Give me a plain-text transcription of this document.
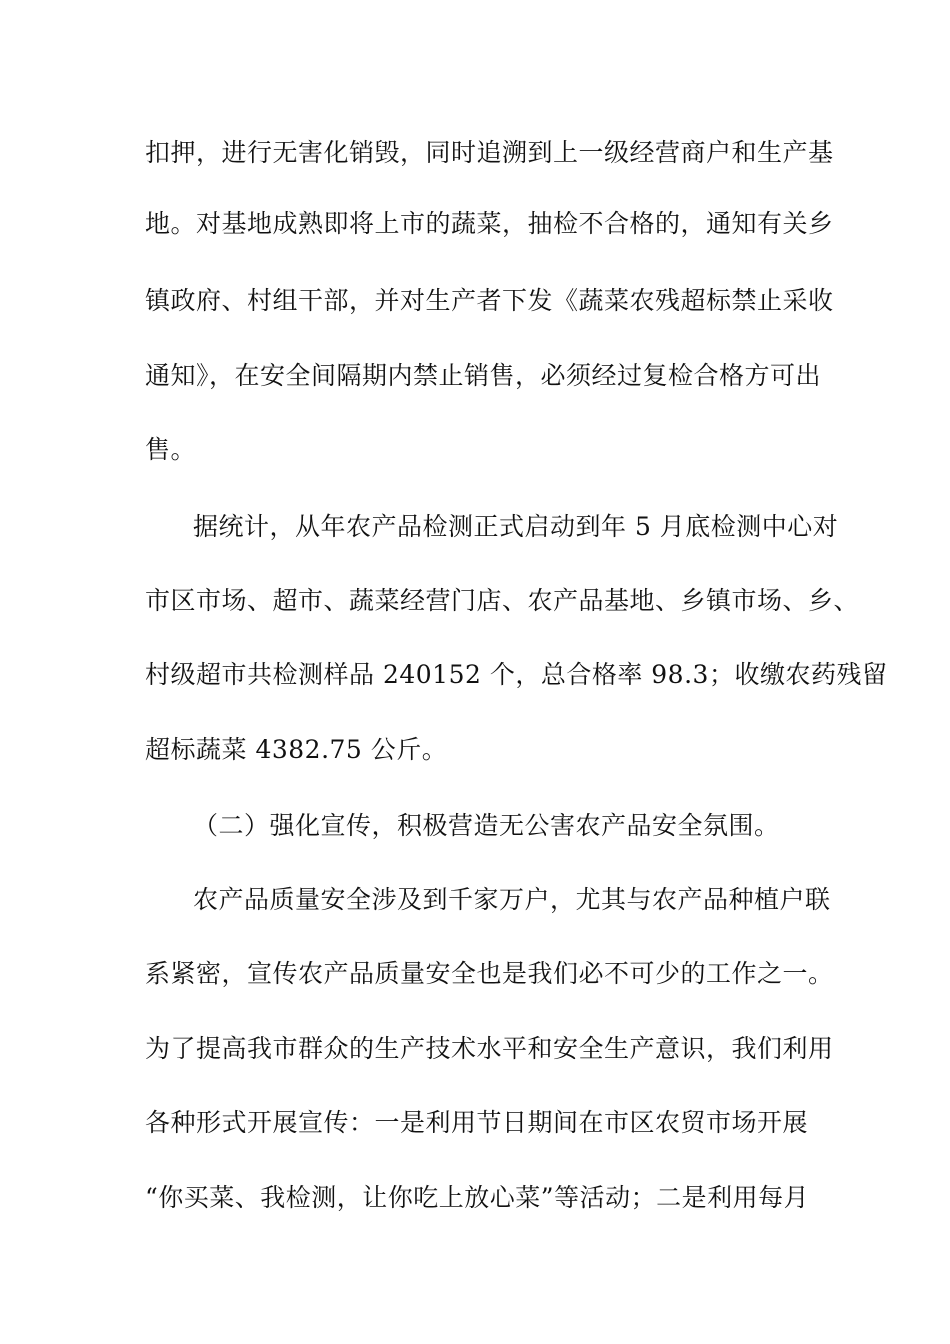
扣押，进行无害化销毁，同时追溯到上一级经营商户和生产基
地。对基地成熟即将上市的蔬菜，抽检不合格的，通知有关乡
镇政府、村组干部，并对生产者下发《蔬菜农残超标禁止采收
通知》，在安全间隔期内禁止销售，必须经过复检合格方可出
售。
据统计，从年农产品检测正式启动到年 5 月底检测中心对
市区市场、超市、蔬菜经营门店、农产品基地、乡镇市场、乡、
村级超市共检测样品 240152 个，总合格率 98.3；收缴农药残留
超标蔬菜 4382.75 公斤。
（二）强化宣传，积极营造无公害农产品安全氛围。
农产品质量安全涉及到千家万户，尤其与农产品种植户联
系紧密，宣传农产品质量安全也是我们必不可少的工作之一。
为了提高我市群众的生产技术水平和安全生产意识，我们利用
各种形式开展宣传：一是利用节日期间在市区农贸市场开展
“你买菜、我检测，让你吃上放心菜”等活动；二是利用每月
